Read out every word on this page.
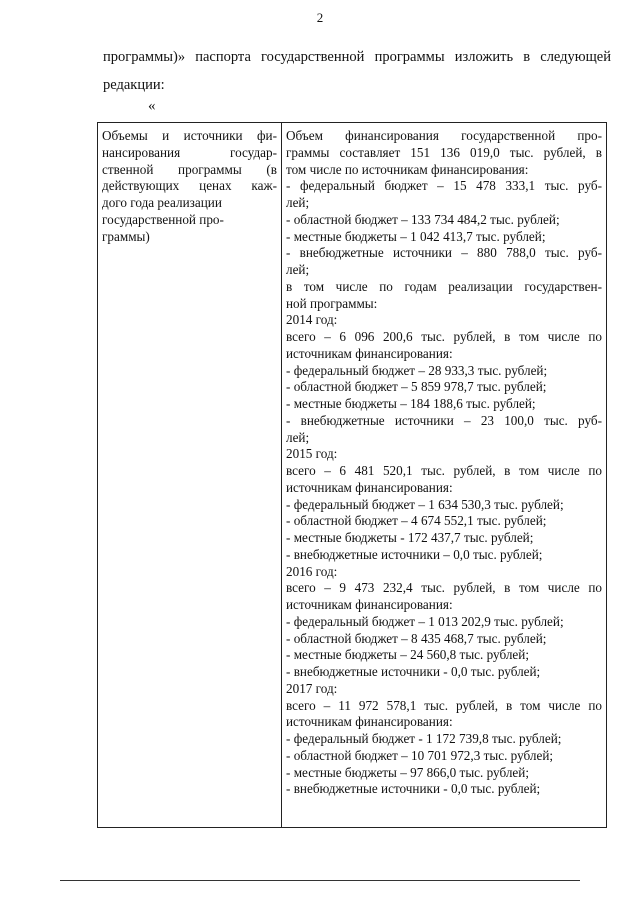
2
программы)» паспорта государственной программы изложить в следующей
редакции:
«
Объемы и источники фи-
нансирования государ-
ственной программы (в
действующих ценах каж-
дого года реализации
государственной про-
граммы)

Объем финансирования государственной про-
граммы составляет 151 136 019,0 тыс. рублей, в
том числе по источникам финансирования:
- федеральный бюджет – 15 478 333,1 тыс. руб-
лей;
- областной бюджет – 133 734 484,2 тыс. рублей;
- местные бюджеты – 1 042 413,7 тыс. рублей;
- внебюджетные источники – 880 788,0 тыс. руб-
лей;
в том числе по годам реализации государствен-
ной программы:
2014 год:
всего – 6 096 200,6 тыс. рублей, в том числе по
источникам финансирования:
- федеральный бюджет – 28 933,3 тыс. рублей;
- областной бюджет – 5 859 978,7 тыс. рублей;
- местные бюджеты – 184 188,6 тыс. рублей;
- внебюджетные источники – 23 100,0 тыс. руб-
лей;
2015 год:
всего – 6 481 520,1 тыс. рублей, в том числе по
источникам финансирования:
- федеральный бюджет – 1 634 530,3 тыс. рублей;
- областной бюджет – 4 674 552,1 тыс. рублей;
- местные бюджеты - 172 437,7 тыс. рублей;
- внебюджетные источники – 0,0 тыс. рублей;
2016 год:
всего – 9 473 232,4 тыс. рублей, в том числе по
источникам финансирования:
- федеральный бюджет – 1 013 202,9 тыс. рублей;
- областной бюджет – 8 435 468,7 тыс. рублей;
- местные бюджеты – 24 560,8 тыс. рублей;
- внебюджетные источники - 0,0 тыс. рублей;
2017 год:
всего – 11 972 578,1 тыс. рублей, в том числе по
источникам финансирования:
- федеральный бюджет - 1 172 739,8 тыс. рублей;
- областной бюджет – 10 701 972,3 тыс. рублей;
- местные бюджеты – 97 866,0 тыс. рублей;
- внебюджетные источники - 0,0 тыс. рублей;
